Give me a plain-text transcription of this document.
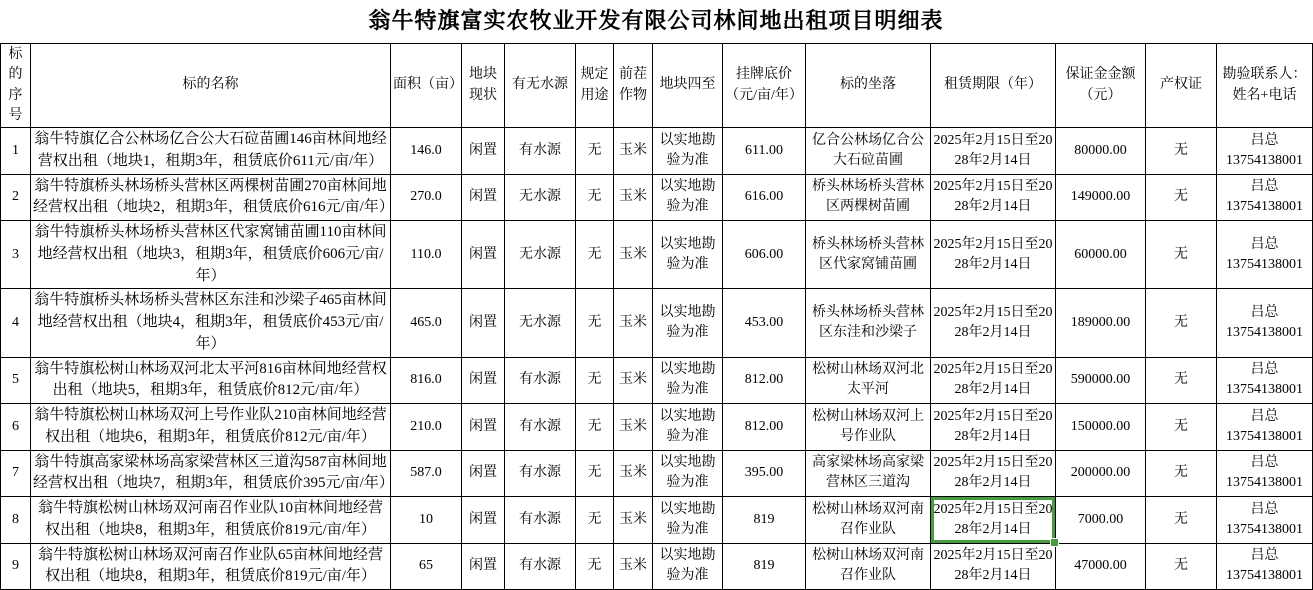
翁牛特旗富实农牧业开发有限公司林间地出租项目明细表
标的序号	标的名称	面积（亩）	地块现状	有无水源	规定用途	前茬作物	地块四至	挂牌底价（元/亩/年）	标的坐落	租赁期限（年）	保证金金额（元）	产权证	勘验联系人：姓名+电话
1	翁牛特旗亿合公林场亿合公大石砬苗圃146亩林间地经营权出租（地块1，租期3年，租赁底价611元/亩/年）	146.0	闲置	有水源	无	玉米	以实地勘验为准	611.00	亿合公林场亿合公大石砬苗圃	2025年2月15日至2028年2月14日	80000.00	无	吕总
13754138001

2	翁牛特旗桥头林场桥头营林区两棵树苗圃270亩林间地经营权出租（地块2，租期3年，租赁底价616元/亩/年）	270.0	闲置	无水源	无	玉米	以实地勘验为准	616.00	桥头林场桥头营林区两棵树苗圃	2025年2月15日至2028年2月14日	149000.00	无	吕总
13754138001

3	翁牛特旗桥头林场桥头营林区代家窝铺苗圃110亩林间地经营权出租（地块3，租期3年，租赁底价606元/亩/年）	110.0	闲置	无水源	无	玉米	以实地勘验为准	606.00	桥头林场桥头营林区代家窝铺苗圃	2025年2月15日至2028年2月14日	60000.00	无	吕总
13754138001

4	翁牛特旗桥头林场桥头营林区东洼和沙梁子465亩林间地经营权出租（地块4，租期3年，租赁底价453元/亩/年）	465.0	闲置	无水源	无	玉米	以实地勘验为准	453.00	桥头林场桥头营林区东洼和沙梁子	2025年2月15日至2028年2月14日	189000.00	无	吕总
13754138001

5	翁牛特旗松树山林场双河北太平河816亩林间地经营权出租（地块5，租期3年，租赁底价812元/亩/年）	816.0	闲置	有水源	无	玉米	以实地勘验为准	812.00	松树山林场双河北太平河	2025年2月15日至2028年2月14日	590000.00	无	吕总
13754138001

6	翁牛特旗松树山林场双河上号作业队210亩林间地经营权出租（地块6，租期3年，租赁底价812元/亩/年）	210.0	闲置	有水源	无	玉米	以实地勘验为准	812.00	松树山林场双河上号作业队	2025年2月15日至2028年2月14日	150000.00	无	吕总
13754138001

7	翁牛特旗高家梁林场高家梁营林区三道沟587亩林间地经营权出租（地块7，租期3年，租赁底价395元/亩/年）	587.0	闲置	有水源	无	玉米	以实地勘验为准	395.00	高家梁林场高家梁营林区三道沟	2025年2月15日至2028年2月14日	200000.00	无	吕总
13754138001

8	翁牛特旗松树山林场双河南召作业队10亩林间地经营权出租（地块8，租期3年，租赁底价819元/亩/年）	10	闲置	有水源	无	玉米	以实地勘验为准	819	松树山林场双河南召作业队	2025年2月15日至2028年2月14日	7000.00	无	吕总
13754138001

9	翁牛特旗松树山林场双河南召作业队65亩林间地经营权出租（地块8，租期3年，租赁底价819元/亩/年）	65	闲置	有水源	无	玉米	以实地勘验为准	819	松树山林场双河南召作业队	2025年2月15日至2028年2月14日	47000.00	无	吕总
13754138001
